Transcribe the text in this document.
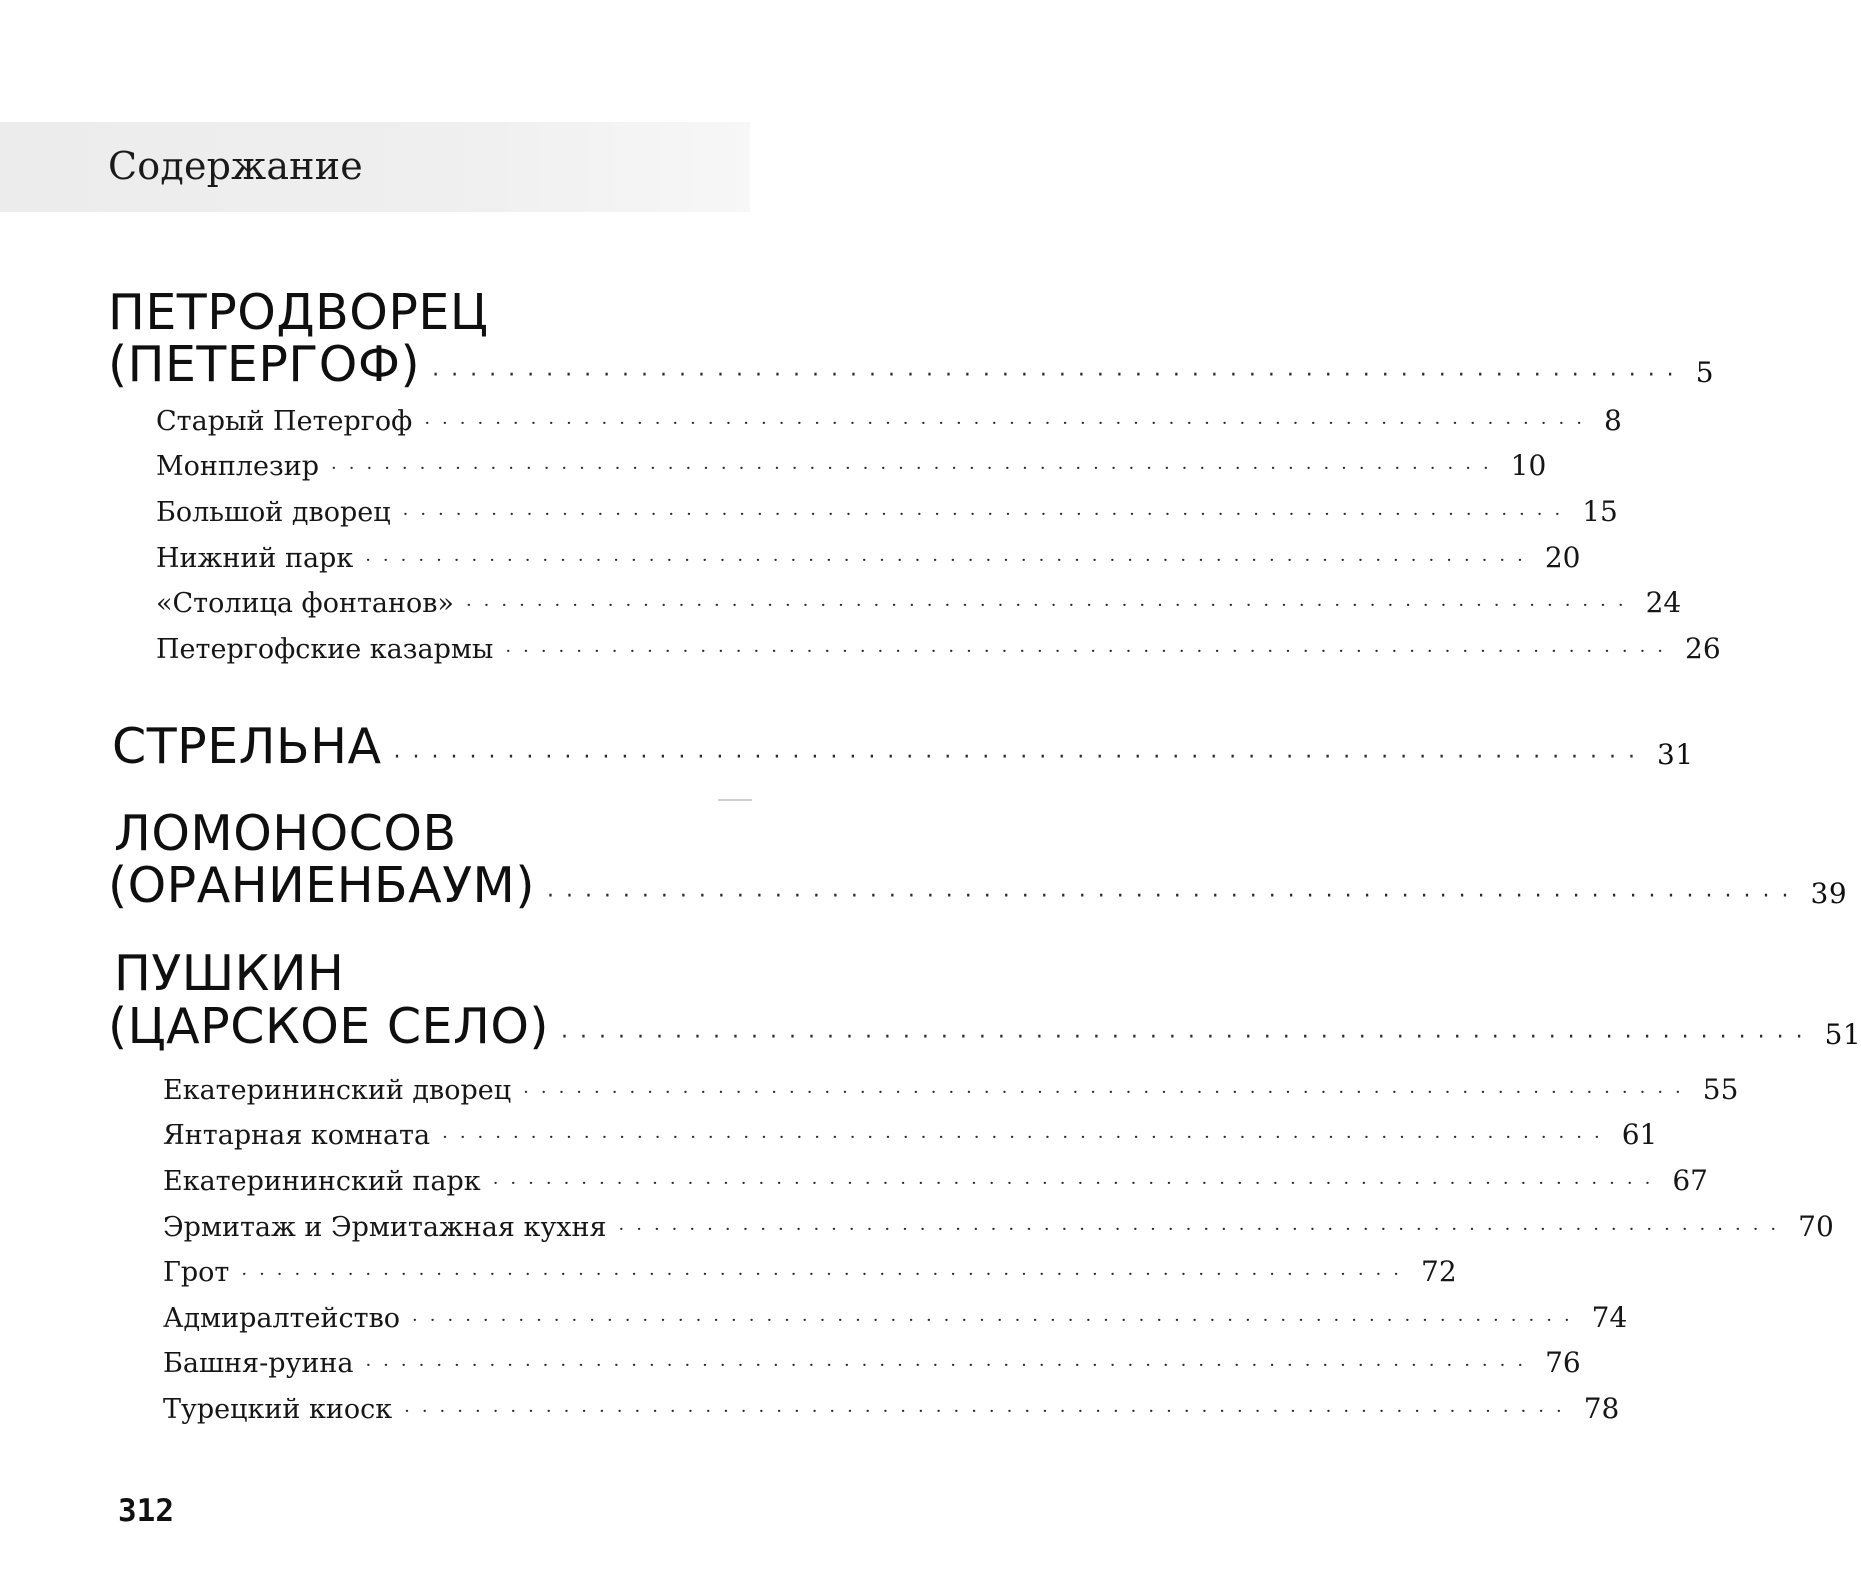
Содержание
ПЕТРОДВОРЕЦ
(ПЕТЕРГОФ) ·································································· 5
Старый Петергоф ·································································· 8
Монплезир ·································································· 10
Большой дворец ·································································· 15
Нижний парк ·································································· 20
«Столица фонтанов» ·································································· 24
Петергофские казармы ·································································· 26
СТРЕЛЬНА ·································································· 31
ЛОМОНОСОВ
(ОРАНИЕНБАУМ) ·································································· 39
ПУШКИН
(ЦАРСКОЕ СЕЛО) ·································································· 51
Екатерининский дворец ·································································· 55
Янтарная комната ·································································· 61
Екатерининский парк ·································································· 67
Эрмитаж и Эрмитажная кухня ·································································· 70
Грот ·································································· 72
Адмиралтейство ·································································· 74
Башня-руина ·································································· 76
Турецкий киоск ·································································· 78
312
